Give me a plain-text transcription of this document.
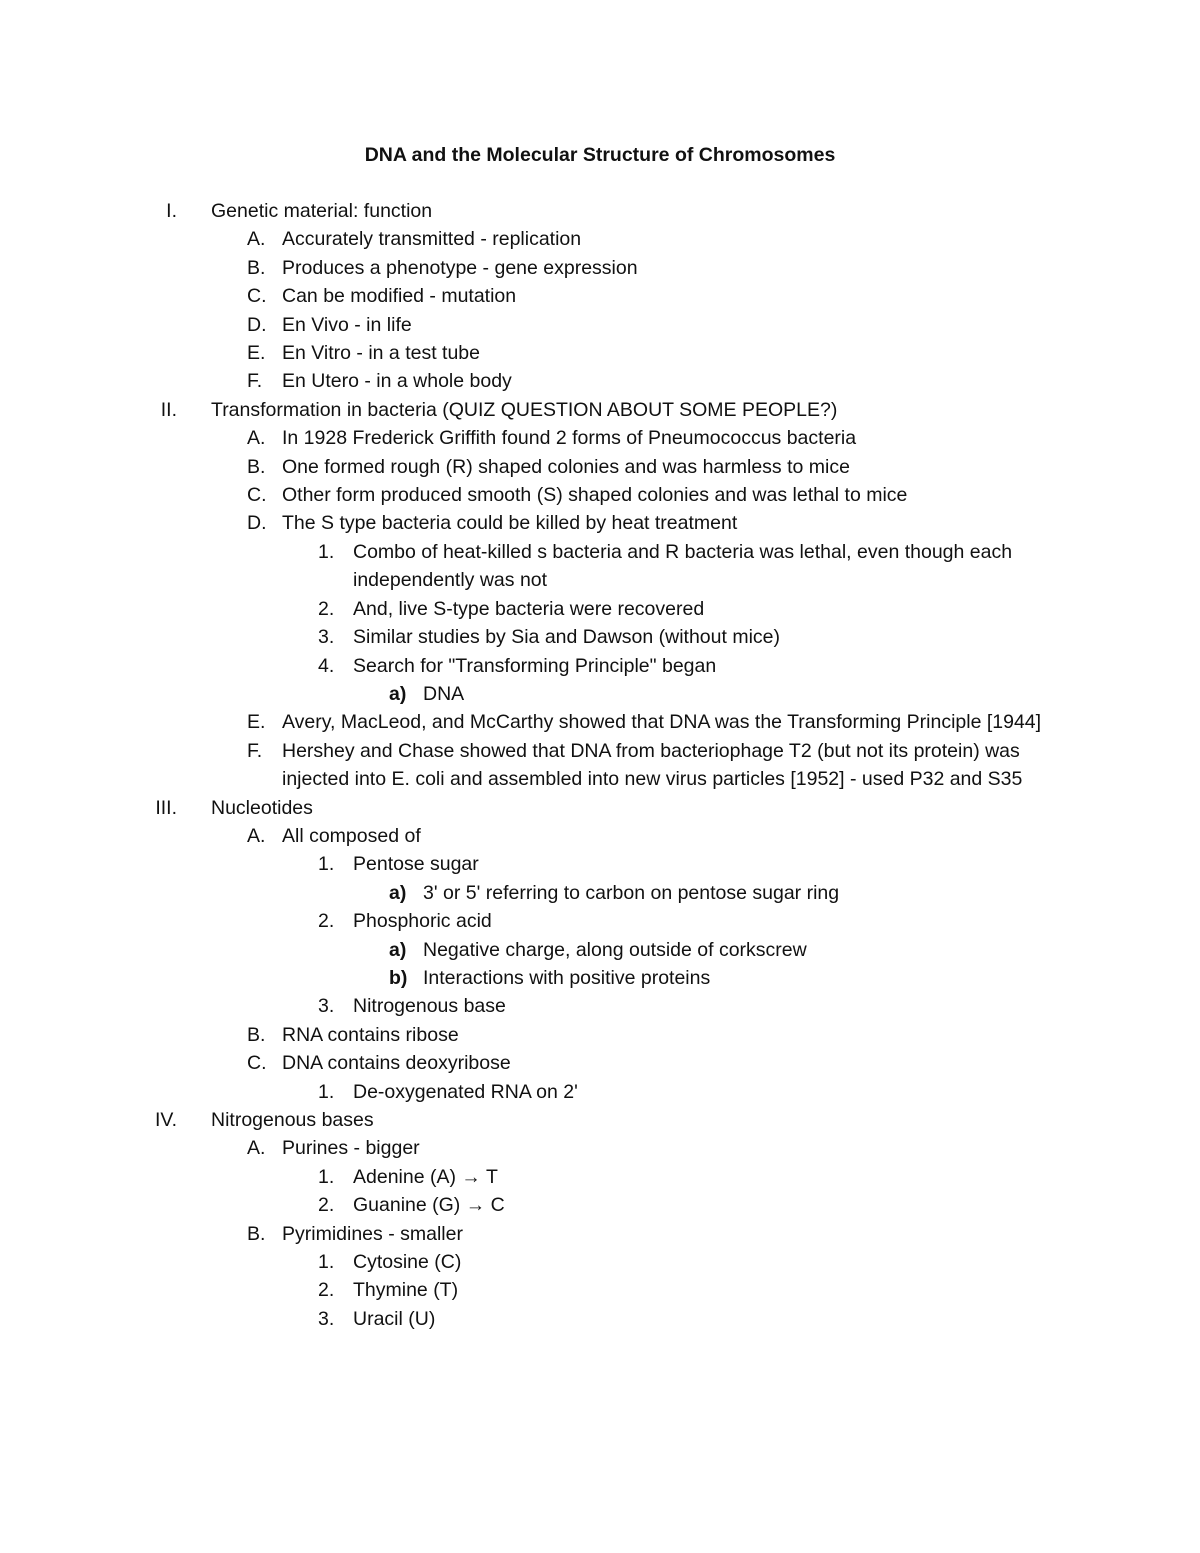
DNA and the Molecular Structure of Chromosomes
I. Genetic material: function
A. Accurately transmitted - replication
B. Produces a phenotype - gene expression
C. Can be modified - mutation
D. En Vivo - in life
E. En Vitro - in a test tube
F. En Utero - in a whole body
II. Transformation in bacteria (QUIZ QUESTION ABOUT SOME PEOPLE?)
A. In 1928 Frederick Griffith found 2 forms of Pneumococcus bacteria
B. One formed rough (R) shaped colonies and was harmless to mice
C. Other form produced smooth (S) shaped colonies and was lethal to mice
D. The S type bacteria could be killed by heat treatment
1. Combo of heat-killed s bacteria and R bacteria was lethal, even though each independently was not
2. And, live S-type bacteria were recovered
3. Similar studies by Sia and Dawson (without mice)
4. Search for "Transforming Principle" began
a) DNA
E. Avery, MacLeod, and McCarthy showed that DNA was the Transforming Principle [1944]
F. Hershey and Chase showed that DNA from bacteriophage T2 (but not its protein) was injected into E. coli and assembled into new virus particles [1952] - used P32 and S35
III. Nucleotides
A. All composed of
1. Pentose sugar
a) 3' or 5' referring to carbon on pentose sugar ring
2. Phosphoric acid
a) Negative charge, along outside of corkscrew
b) Interactions with positive proteins
3. Nitrogenous base
B. RNA contains ribose
C. DNA contains deoxyribose
1. De-oxygenated RNA on 2'
IV. Nitrogenous bases
A. Purines - bigger
1. Adenine (A) → T
2. Guanine (G) → C
B. Pyrimidines - smaller
1. Cytosine (C)
2. Thymine (T)
3. Uracil (U)
